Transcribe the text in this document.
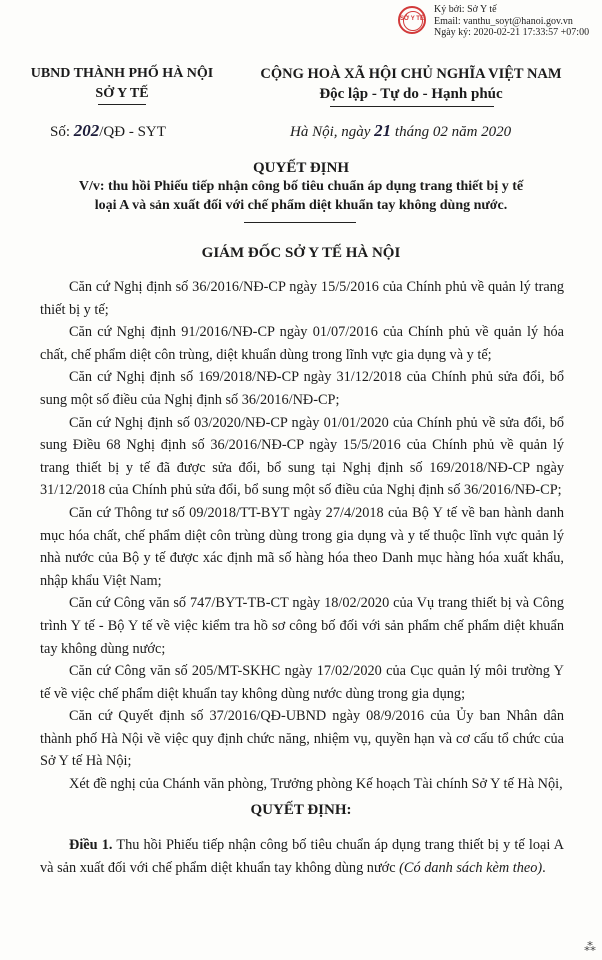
SỞ Y TẾ
Ký bởi: Sở Y tế
Email: vanthu_soyt@hanoi.gov.vn
Ngày ký: 2020-02-21 17:33:57 +07:00
UBND THÀNH PHỐ HÀ NỘI
SỞ Y TẾ
CỘNG HOÀ XÃ HỘI CHỦ NGHĨA VIỆT NAM
Độc lập - Tự do - Hạnh phúc
Số: 202/QĐ - SYT	Hà Nội, ngày 21 tháng 02 năm 2020
QUYẾT ĐỊNH
V/v: thu hồi Phiếu tiếp nhận công bố tiêu chuẩn áp dụng trang thiết bị y tế
loại A và sản xuất đối với chế phẩm diệt khuẩn tay không dùng nước.
GIÁM ĐỐC SỞ Y TẾ HÀ NỘI
Căn cứ Nghị định số 36/2016/NĐ-CP ngày 15/5/2016 của Chính phủ về quản lý trang thiết bị y tế;
Căn cứ Nghị định 91/2016/NĐ-CP ngày 01/07/2016 của Chính phủ về quản lý hóa chất, chế phẩm diệt côn trùng, diệt khuẩn dùng trong lĩnh vực gia dụng và y tế;
Căn cứ Nghị định số 169/2018/NĐ-CP ngày 31/12/2018 của Chính phủ sửa đổi, bổ sung một số điều của Nghị định số 36/2016/NĐ-CP;
Căn cứ Nghị định số 03/2020/NĐ-CP ngày 01/01/2020 của Chính phủ về sửa đổi, bổ sung Điều 68 Nghị định số 36/2016/NĐ-CP ngày 15/5/2016 của Chính phủ về quản lý trang thiết bị y tế đã được sửa đổi, bổ sung tại Nghị định số 169/2018/NĐ-CP ngày 31/12/2018 của Chính phủ sửa đổi, bổ sung một số điều của Nghị định số 36/2016/NĐ-CP;
Căn cứ Thông tư số 09/2018/TT-BYT ngày 27/4/2018 của Bộ Y tế về ban hành danh mục hóa chất, chế phẩm diệt côn trùng dùng trong gia dụng và y tế thuộc lĩnh vực quản lý nhà nước của Bộ y tế được xác định mã số hàng hóa theo Danh mục hàng hóa xuất khẩu, nhập khẩu Việt Nam;
Căn cứ Công văn số 747/BYT-TB-CT ngày 18/02/2020 của Vụ trang thiết bị và Công trình Y tế - Bộ Y tế về việc kiểm tra hồ sơ công bố đối với sản phẩm chế phẩm diệt khuẩn tay không dùng nước;
Căn cứ Công văn số 205/MT-SKHC ngày 17/02/2020 của Cục quản lý môi trường Y tế về việc chế phẩm diệt khuẩn tay không dùng nước dùng trong gia dụng;
Căn cứ Quyết định số 37/2016/QĐ-UBND ngày 08/9/2016 của Ủy ban Nhân dân thành phố Hà Nội về việc quy định chức năng, nhiệm vụ, quyền hạn và cơ cấu tổ chức của Sở Y tế Hà Nội;
Xét đề nghị của Chánh văn phòng, Trưởng phòng Kế hoạch Tài chính Sở Y tế Hà Nội,
QUYẾT ĐỊNH:
Điều 1. Thu hồi Phiếu tiếp nhận công bố tiêu chuẩn áp dụng trang thiết bị y tế loại A và sản xuất đối với chế phẩm diệt khuẩn tay không dùng nước (Có danh sách kèm theo).
⁂
